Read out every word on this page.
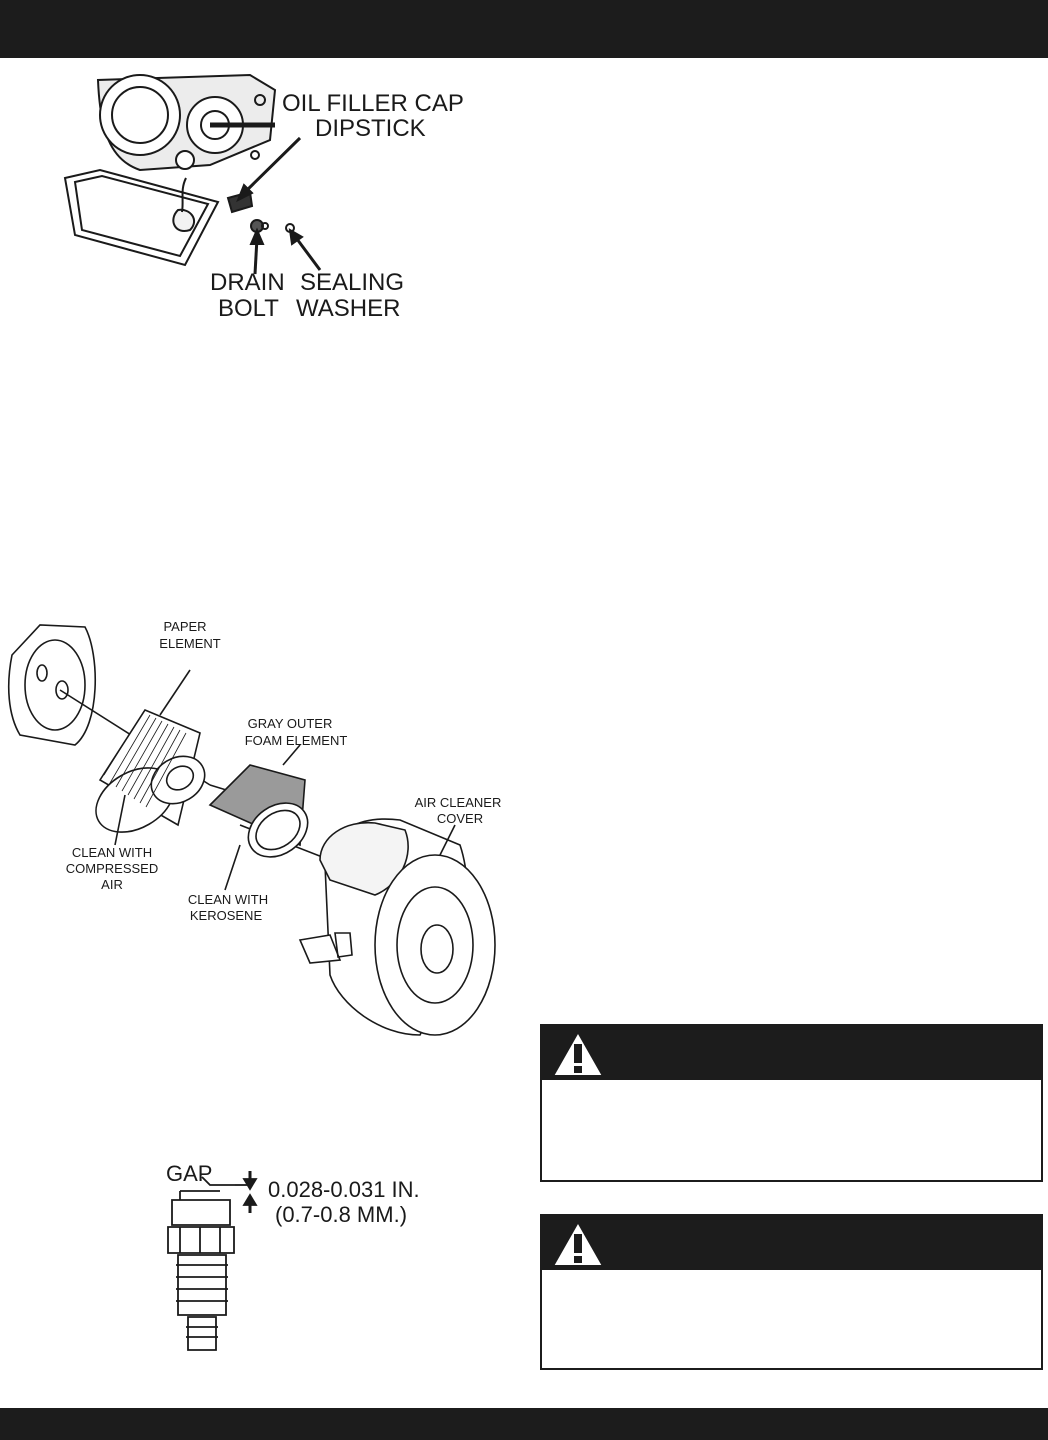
OIL FILLER CAP
DIPSTICK
DRAIN
BOLT
SEALING
WASHER
PAPER
ELEMENT
GRAY OUTER
FOAM ELEMENT
AIR CLEANER
COVER
CLEAN WITH
COMPRESSED
AIR
CLEAN WITH
KEROSENE
GAP
0.028-0.031 IN.
(0.7-0.8 MM.)
